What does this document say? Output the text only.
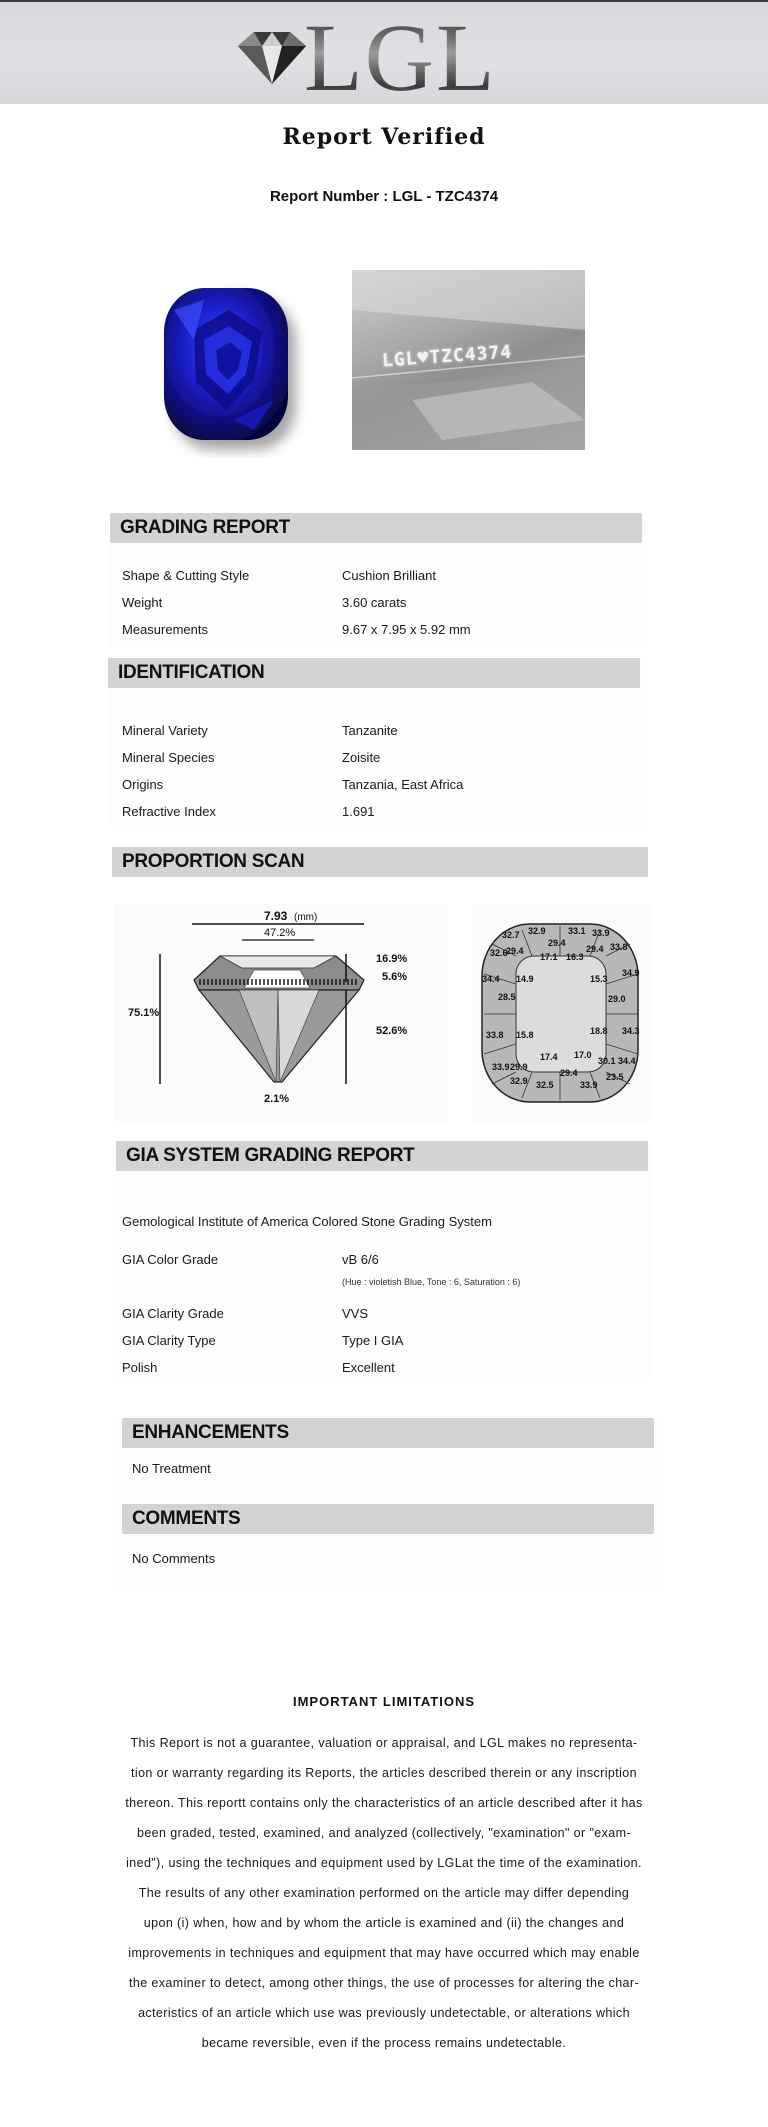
LGL
Report Verified
Report Number : LGL - TZC4374
LGL♥TZC4374
GRADING REPORT
Shape & Cutting Style	Cushion Brilliant
Weight	3.60 carats
Measurements	9.67 x 7.95 x 5.92 mm
IDENTIFICATION
Mineral Variety	Tanzanite
Mineral Species	Zoisite
Origins	Tanzania, East Africa
Refractive Index	1.691
PROPORTION SCAN
7.93 (mm)
47.2%
75.1%
16.9%
5.6%
52.6%
2.1%
32.7 32.9 33.1 33.9
32.6
29.4
29.4
29.4 33.8
34.4 14.9
17.1 16.3
34.9
28.5
15.3
29.0
33.8 15.8	18.8 34.3
33.9
32.9
17.4 17.0
30.1 34.4
32.5
29.4
33.9
23.5
29.9
GIA SYSTEM GRADING REPORT
Gemological Institute of America Colored Stone Grading System
GIA Color Grade	vB 6/6
(Hue : violetish Blue, Tone : 6, Saturation : 6)
GIA Clarity Grade	VVS
GIA Clarity Type	Type I GIA
Polish	Excellent
ENHANCEMENTS
No Treatment
COMMENTS
No Comments
IMPORTANT LIMITATIONS
This Report is not a guarantee, valuation or appraisal, and LGL makes no representa-
tion or warranty regarding its Reports, the articles described therein or any inscription
thereon. This reportt contains only the characteristics of an article described after it has
been graded, tested, examined, and analyzed (collectively, "examination" or "exam-
ined"), using the techniques and equipment used by LGLat the time of the examination.
The results of any other examination performed on the article may differ depending
upon (i) when, how and by whom the article is examined and (ii) the changes and
improvements in techniques and equipment that may have occurred which may enable
the examiner to detect, among other things, the use of processes for altering the char-
acteristics of an article which use was previously undetectable, or alterations which
became reversible, even if the process remains undetectable.
